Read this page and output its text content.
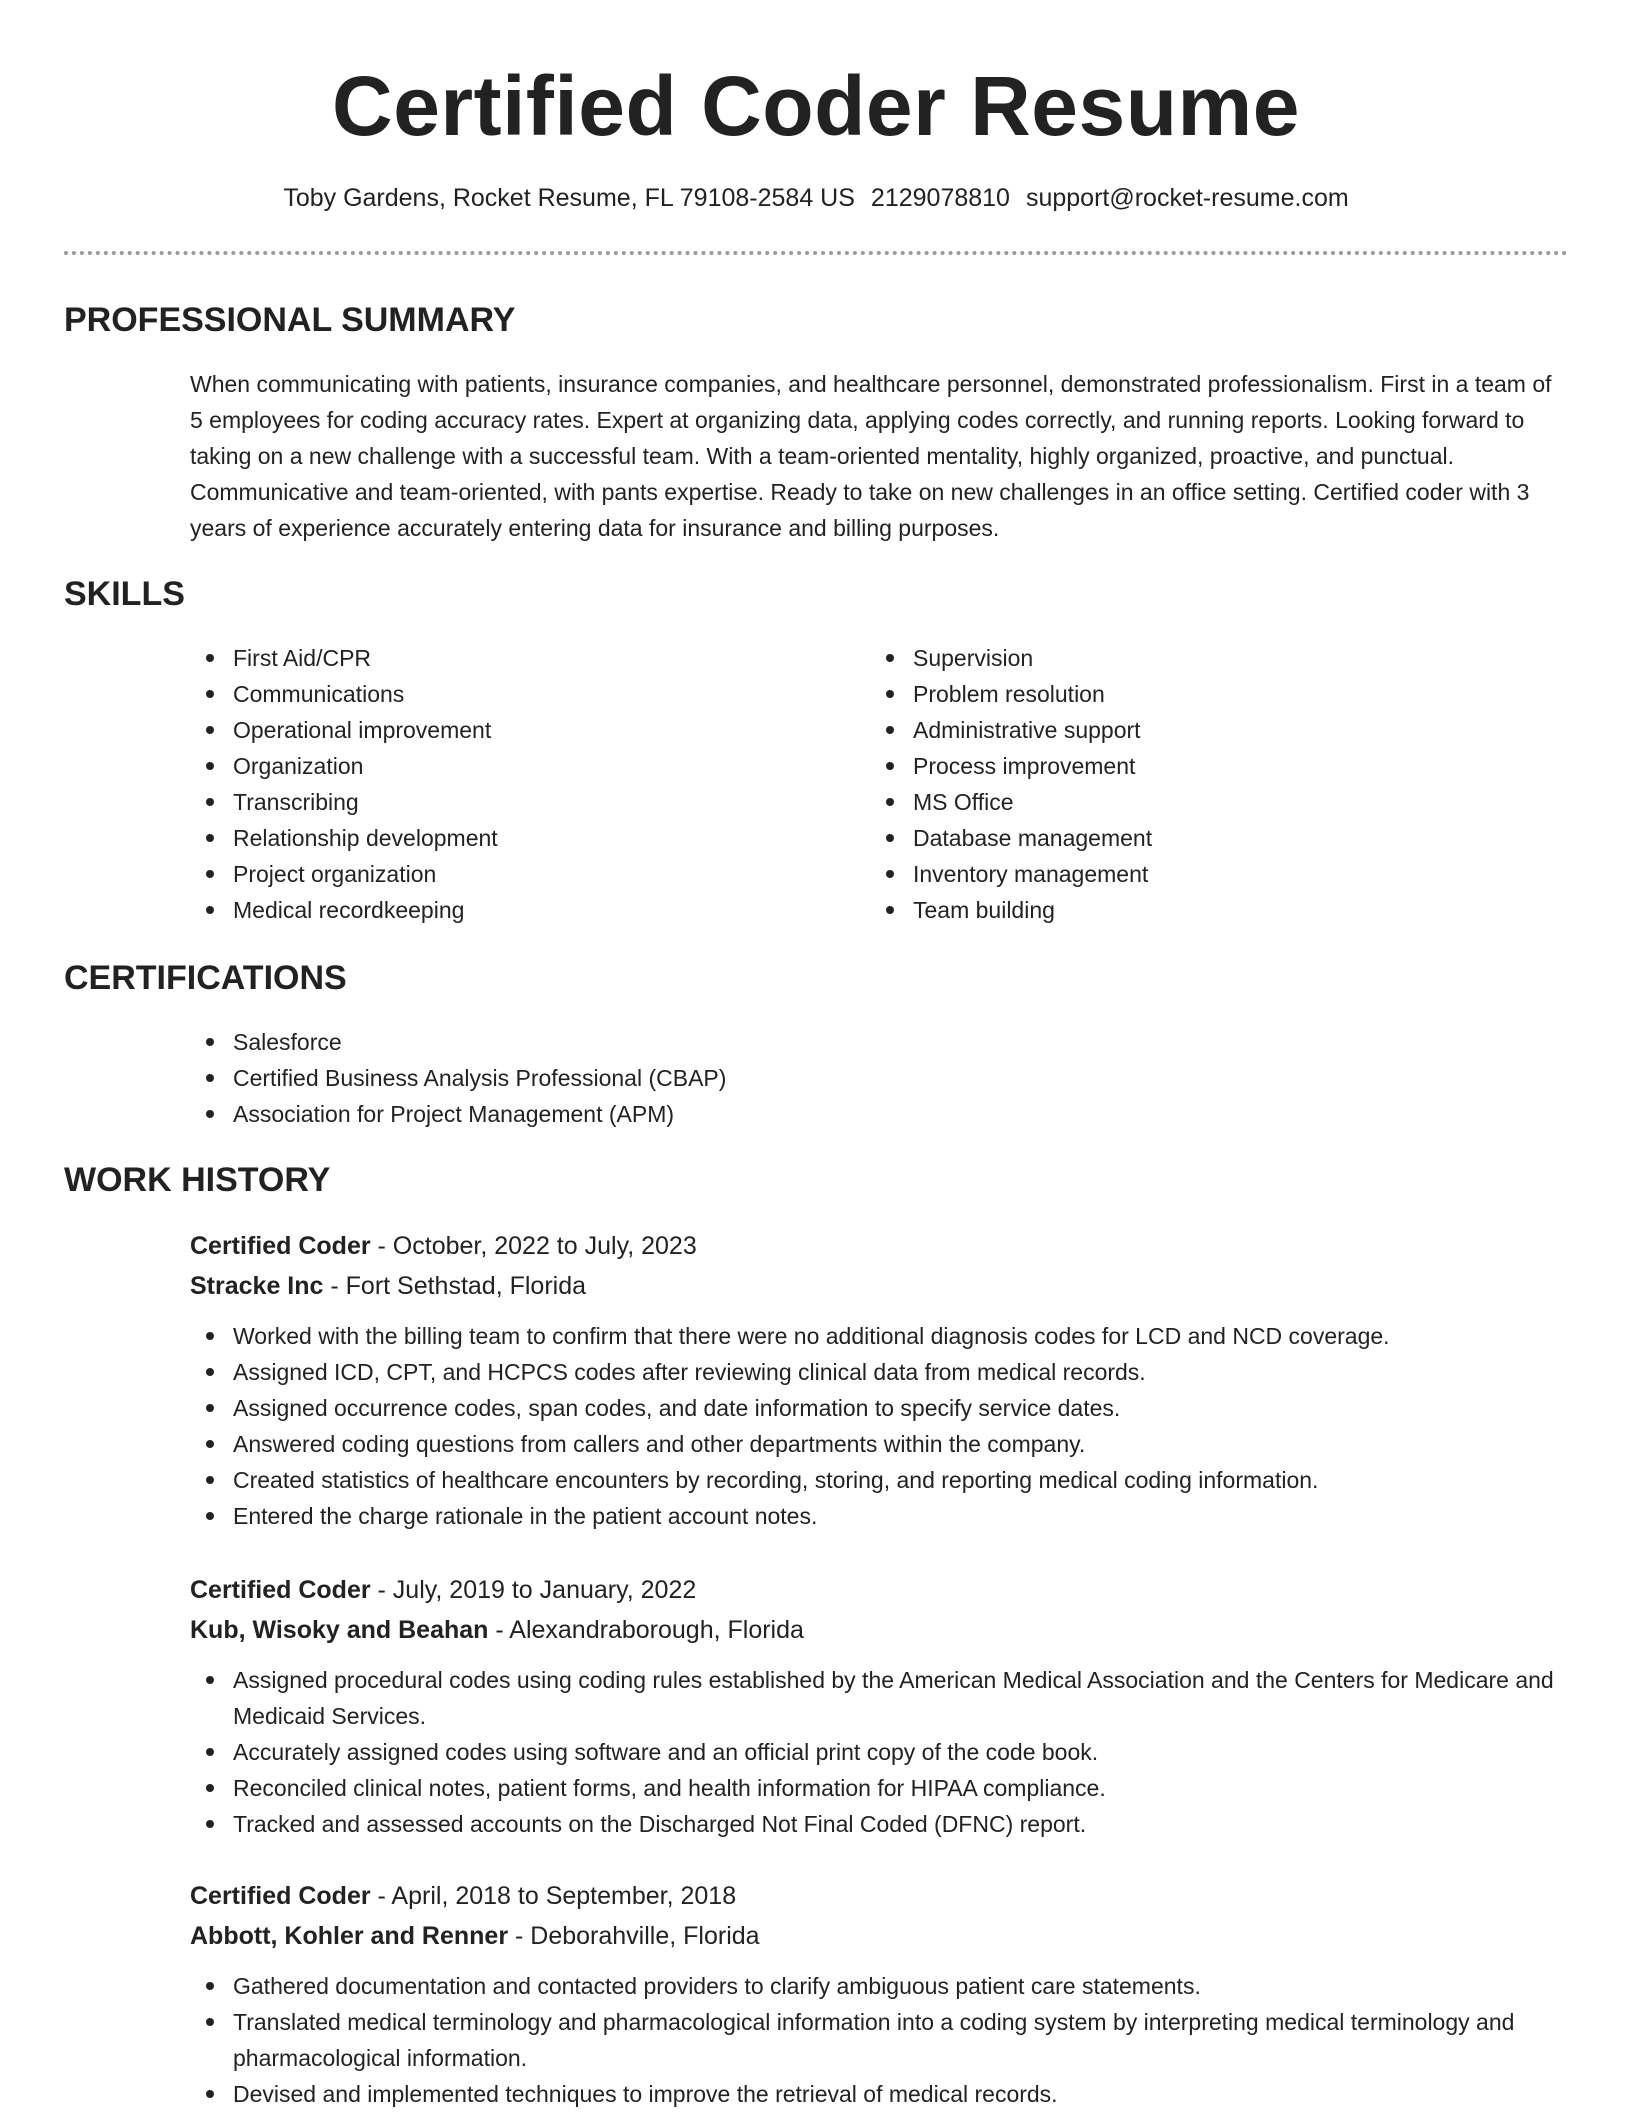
Certified Coder Resume

Toby Gardens, Rocket Resume, FL 79108-2584 US 2129078810 support@rocket-resume.com

PROFESSIONAL SUMMARY

When communicating with patients, insurance companies, and healthcare personnel, demonstrated professionalism. First in a team of 5 employees for coding accuracy rates. Expert at organizing data, applying codes correctly, and running reports. Looking forward to taking on a new challenge with a successful team. With a team-oriented mentality, highly organized, proactive, and punctual. Communicative and team-oriented, with pants expertise. Ready to take on new challenges in an office setting. Certified coder with 3 years of experience accurately entering data for insurance and billing purposes.

SKILLS
First Aid/CPR
Communications
Operational improvement
Organization
Transcribing
Relationship development
Project organization
Medical recordkeeping
Supervision
Problem resolution
Administrative support
Process improvement
MS Office
Database management
Inventory management
Team building
CERTIFICATIONS
Salesforce
Certified Business Analysis Professional (CBAP)
Association for Project Management (APM)
WORK HISTORY

Certified Coder - October, 2022 to July, 2023

Stracke Inc - Fort Sethstad, Florida

Worked with the billing team to confirm that there were no additional diagnosis codes for LCD and NCD coverage.
Assigned ICD, CPT, and HCPCS codes after reviewing clinical data from medical records.
Assigned occurrence codes, span codes, and date information to specify service dates.
Answered coding questions from callers and other departments within the company.
Created statistics of healthcare encounters by recording, storing, and reporting medical coding information.
Entered the charge rationale in the patient account notes.

Certified Coder - July, 2019 to January, 2022

Kub, Wisoky and Beahan - Alexandraborough, Florida

Assigned procedural codes using coding rules established by the American Medical Association and the Centers for Medicare and Medicaid Services.
Accurately assigned codes using software and an official print copy of the code book.
Reconciled clinical notes, patient forms, and health information for HIPAA compliance.
Tracked and assessed accounts on the Discharged Not Final Coded (DFNC) report.

Certified Coder - April, 2018 to September, 2018

Abbott, Kohler and Renner - Deborahville, Florida

Gathered documentation and contacted providers to clarify ambiguous patient care statements.
Translated medical terminology and pharmacological information into a coding system by interpreting medical terminology and pharmacological information.
Devised and implemented techniques to improve the retrieval of medical records.
